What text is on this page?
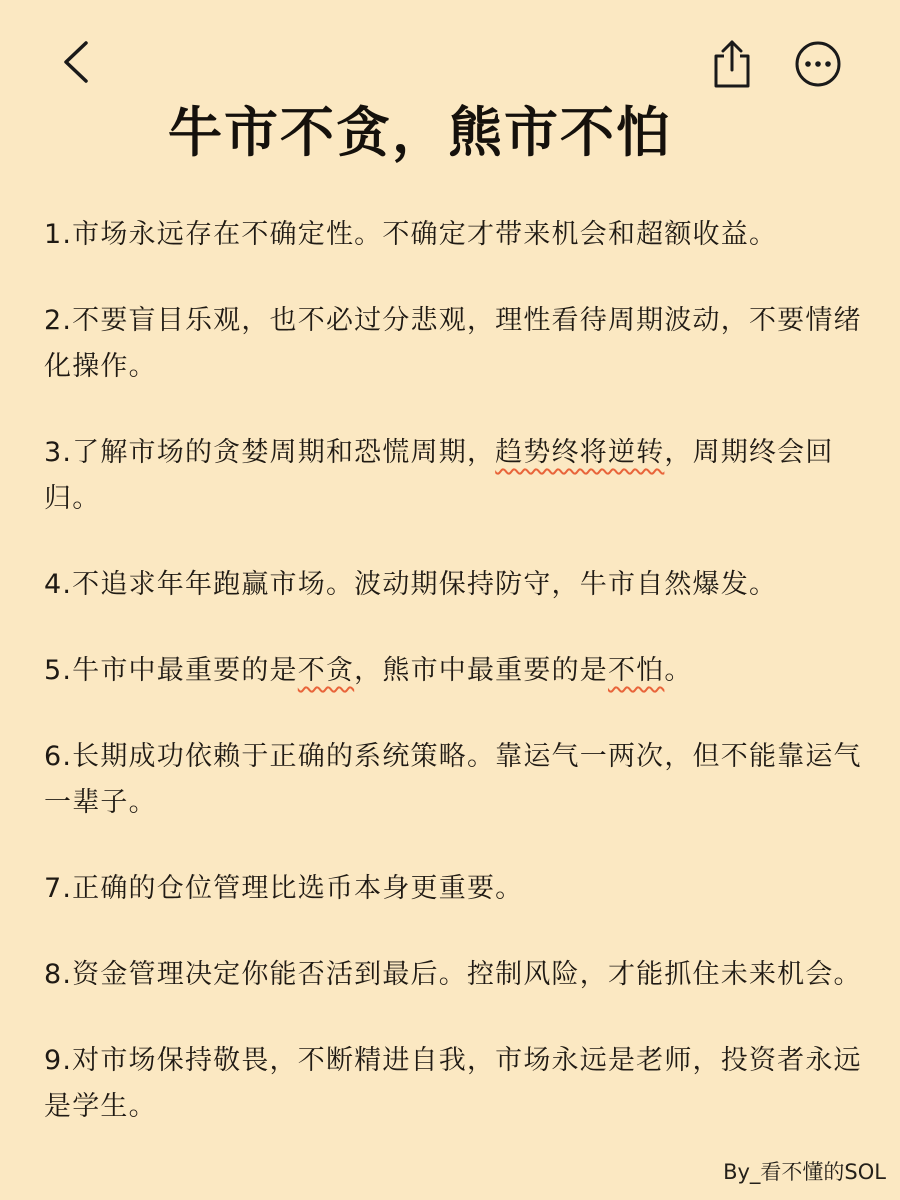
牛市不贪，熊市不怕
1.市场永远存在不确定性。不确定才带来机会和超额收益。
2.不要盲目乐观，也不必过分悲观，理性看待周期波动，不要情绪化操作。
3.了解市场的贪婪周期和恐慌周期，趋势终将逆转，周期终会回归。
4.不追求年年跑赢市场。波动期保持防守，牛市自然爆发。
5.牛市中最重要的是不贪，熊市中最重要的是不怕。
6.长期成功依赖于正确的系统策略。靠运气一两次，但不能靠运气一辈子。
7.正确的仓位管理比选币本身更重要。
8.资金管理决定你能否活到最后。控制风险，才能抓住未来机会。
9.对市场保持敬畏，不断精进自我，市场永远是老师，投资者永远是学生。
By_看不懂的SOL
